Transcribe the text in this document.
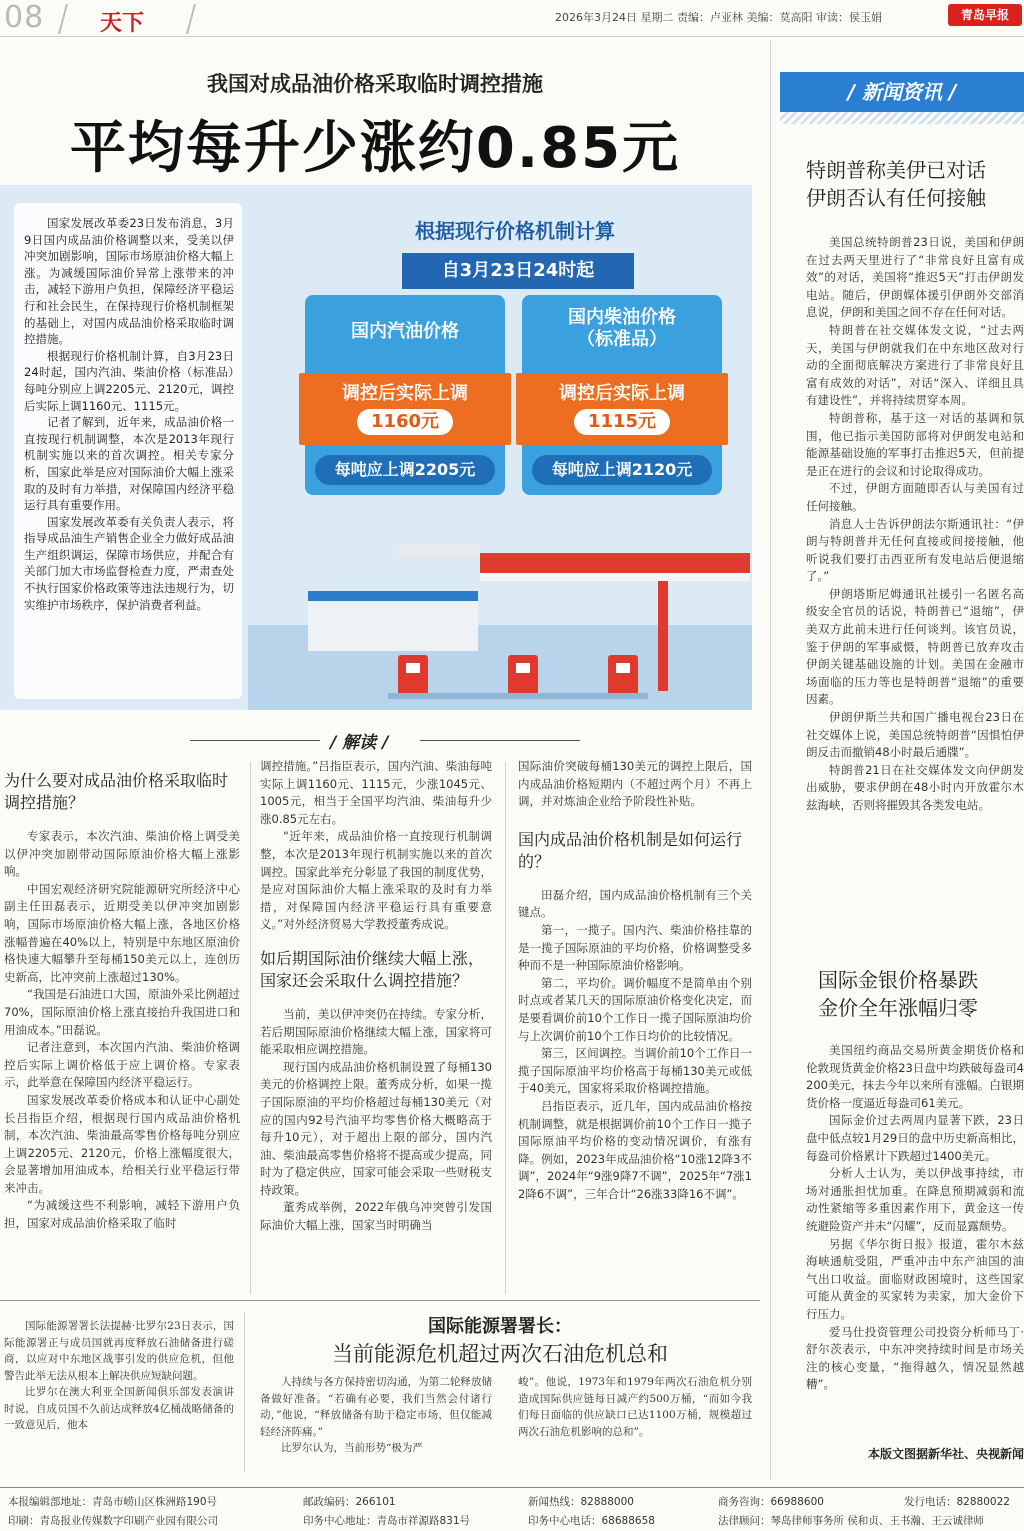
08	天下	2026年3月24日 星期二 责编：卢亚林 美编：莫高阳 审读：侯玉娟	青岛早报
我国对成品油价格采取临时调控措施
平均每升少涨约0.85元

国家发展改革委23日发布消息，3月9日国内成品油价格调整以来，受美以伊冲突加剧影响，国际市场原油价格大幅上涨。为减缓国际油价异常上涨带来的冲击，减轻下游用户负担，保障经济平稳运行和社会民生，在保持现行价格机制框架的基础上，对国内成品油价格采取临时调控措施。

根据现行价格机制计算，自3月23日24时起，国内汽油、柴油价格（标准品）每吨分别应上调2205元、2120元，调控后实际上调1160元、1115元。

记者了解到，近年来，成品油价格一直按现行机制调整，本次是2013年现行机制实施以来的首次调控。相关专家分析，国家此举是应对国际油价大幅上涨采取的及时有力举措，对保障国内经济平稳运行具有重要作用。

国家发展改革委有关负责人表示，将指导成品油生产销售企业全力做好成品油生产组织调运，保障市场供应，并配合有关部门加大市场监督检查力度，严肃查处不执行国家价格政策等违法违规行为，切实维护市场秩序，保护消费者利益。

根据现行价格机制计算
自3月23日24时起
国内汽油价格
调控后实际上调
1160元
每吨应上调2205元
国内柴油价格
（标准品）
调控后实际上调
1115元
每吨应上调2120元
/ 解读 /
为什么要对成品油价格采取临时调控措施？

专家表示，本次汽油、柴油价格上调受美以伊冲突加剧带动国际原油价格大幅上涨影响。

中国宏观经济研究院能源研究所经济中心副主任田磊表示，近期受美以伊冲突加剧影响，国际市场原油价格大幅上涨，各地区价格涨幅普遍在40%以上，特别是中东地区原油价格快速大幅攀升至每桶150美元以上，连创历史新高，比冲突前上涨超过130%。

“我国是石油进口大国，原油外采比例超过70%，国际原油价格上涨直接抬升我国进口和用油成本。”田磊说。

记者注意到，本次国内汽油、柴油价格调控后实际上调价格低于应上调价格。专家表示，此举意在保障国内经济平稳运行。

国家发展改革委价格成本和认证中心副处长吕指臣介绍，根据现行国内成品油价格机制，本次汽油、柴油最高零售价格每吨分别应上调2205元、2120元，价格上涨幅度很大，会显著增加用油成本，给相关行业平稳运行带来冲击。

“为减缓这些不利影响，减轻下游用户负担，国家对成品油价格采取了临时

调控措施。”吕指臣表示，国内汽油、柴油每吨实际上调1160元、1115元，少涨1045元、1005元，相当于全国平均汽油、柴油每升少涨0.85元左右。

“近年来，成品油价格一直按现行机制调整，本次是2013年现行机制实施以来的首次调控。国家此举充分彰显了我国的制度优势，是应对国际油价大幅上涨采取的及时有力举措，对保障国内经济平稳运行具有重要意义。”对外经济贸易大学教授董秀成说。

如后期国际油价继续大幅上涨，国家还会采取什么调控措施？

当前，美以伊冲突仍在持续。专家分析，若后期国际原油价格继续大幅上涨，国家将可能采取相应调控措施。

现行国内成品油价格机制设置了每桶130美元的价格调控上限。董秀成分析，如果一揽子国际原油的平均价格超过每桶130美元（对应的国内92号汽油平均零售价格大概略高于每升10元），对于超出上限的部分，国内汽油、柴油最高零售价格将不提高或少提高，同时为了稳定供应，国家可能会采取一些财税支持政策。

董秀成举例，2022年俄乌冲突曾引发国际油价大幅上涨，国家当时明确当

国际油价突破每桶130美元的调控上限后，国内成品油价格短期内（不超过两个月）不再上调，并对炼油企业给予阶段性补贴。

国内成品油价格机制是如何运行的？

田磊介绍，国内成品油价格机制有三个关键点。

第一，一揽子。国内汽、柴油价格挂靠的是一揽子国际原油的平均价格，价格调整受多种而不是一种国际原油价格影响。

第二，平均价。调价幅度不是简单由个别时点或者某几天的国际原油价格变化决定，而是要看调价前10个工作日一揽子国际原油均价与上次调价前10个工作日均价的比较情况。

第三，区间调控。当调价前10个工作日一揽子国际原油平均价格高于每桶130美元或低于40美元，国家将采取价格调控措施。

吕指臣表示，近几年，国内成品油价格按机制调整，就是根据调价前10个工作日一揽子国际原油平均价格的变动情况调价，有涨有降。例如，2023年成品油价格“10涨12降3不调”，2024年“9涨9降7不调”，2025年“7涨12降6不调”，三年合计“26涨33降16不调”。

国际能源署署长法提赫·比罗尔23日表示，国际能源署正与成员国就再度释放石油储备进行磋商，以应对中东地区战事引发的供应危机，但他警告此举无法从根本上解决供应短缺问题。

比罗尔在澳大利亚全国新闻俱乐部发表演讲时说，自成员国不久前达成释放4亿桶战略储备的一致意见后，他本

国际能源署署长：
当前能源危机超过两次石油危机总和

人持续与各方保持密切沟通，为第二轮释放储备做好准备。“若确有必要，我们当然会付诸行动，”他说，“释放储备有助于稳定市场，但仅能减轻经济阵痛。”

比罗尔认为，当前形势“极为严

峻”。他说，1973年和1979年两次石油危机分别造成国际供应链每日减产约500万桶，“而如今我们每日面临的供应缺口已达1100万桶，规模超过两次石油危机影响的总和”。

/ 新闻资讯 /
特朗普称美伊已对话
伊朗否认有任何接触

美国总统特朗普23日说，美国和伊朗在过去两天里进行了“非常良好且富有成效”的对话，美国将“推迟5天”打击伊朗发电站。随后，伊朗媒体援引伊朗外交部消息说，伊朗和美国之间不存在任何对话。

特朗普在社交媒体发文说，“过去两天，美国与伊朗就我们在中东地区敌对行动的全面彻底解决方案进行了非常良好且富有成效的对话”，对话“深入、详细且具有建设性”，并将持续贯穿本周。

特朗普称，基于这一对话的基调和氛围，他已指示美国防部将对伊朗发电站和能源基础设施的军事打击推迟5天，但前提是正在进行的会议和讨论取得成功。

不过，伊朗方面随即否认与美国有过任何接触。

消息人士告诉伊朗法尔斯通讯社：“伊朗与特朗普并无任何直接或间接接触，他听说我们要打击西亚所有发电站后便退缩了。”

伊朗塔斯尼姆通讯社援引一名匿名高级安全官员的话说，特朗普已“退缩”，伊美双方此前未进行任何谈判。该官员说，鉴于伊朗的军事威慑，特朗普已放弃攻击伊朗关键基础设施的计划。美国在金融市场面临的压力等也是特朗普“退缩”的重要因素。

伊朗伊斯兰共和国广播电视台23日在社交媒体上说，美国总统特朗普“因惧怕伊朗反击而撤销48小时最后通牒”。

特朗普21日在社交媒体发文向伊朗发出威胁，要求伊朗在48小时内开放霍尔木兹海峡，否则将摧毁其各类发电站。

国际金银价格暴跌
金价全年涨幅归零

美国纽约商品交易所黄金期货价格和伦敦现货黄金价格23日盘中均跌破每盎司4200美元，抹去今年以来所有涨幅。白银期货价格一度逼近每盎司61美元。

国际金价过去两周内显著下跌，23日盘中低点较1月29日的盘中历史新高相比，每盎司价格累计下跌超过1400美元。

分析人士认为，美以伊战事持续，市场对通胀担忧加重。在降息预期减弱和流动性紧缩等多重因素作用下，黄金这一传统避险资产并未“闪耀”，反而显露颓势。

另据《华尔街日报》报道，霍尔木兹海峡通航受阻，严重冲击中东产油国的油气出口收益。面临财政困境时，这些国家可能从黄金的买家转为卖家，加大金价下行压力。

爱马仕投资管理公司投资分析师马丁·舒尔茨表示，中东冲突持续时间是市场关注的核心变量，“拖得越久，情况显然越糟”。

本版文图据新华社、央视新闻
本报编辑部地址：青岛市崂山区株洲路190号	邮政编码：266101	新闻热线：82888000	商务咨询：66988600	发行电话：82880022
印刷：青岛报业传媒数字印刷产业园有限公司	印务中心地址：青岛市祥源路831号	印务中心电话：68688658	法律顾问：琴岛律师事务所 侯和贞、王书瀚、王云诚律师
